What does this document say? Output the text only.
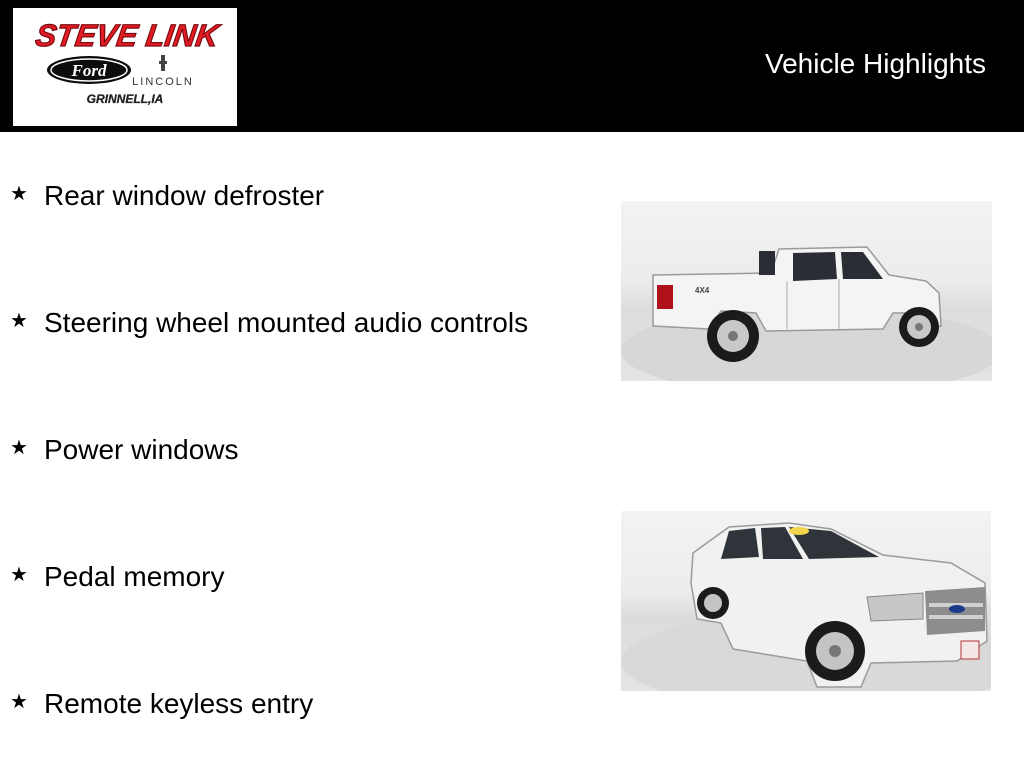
STEVE LINK
Ford
LINCOLN
GRINNELL,IA
Vehicle Highlights
★ Rear window defroster
★ Steering wheel mounted audio controls
★ Power windows
★ Pedal memory
★ Remote keyless entry
4X4
